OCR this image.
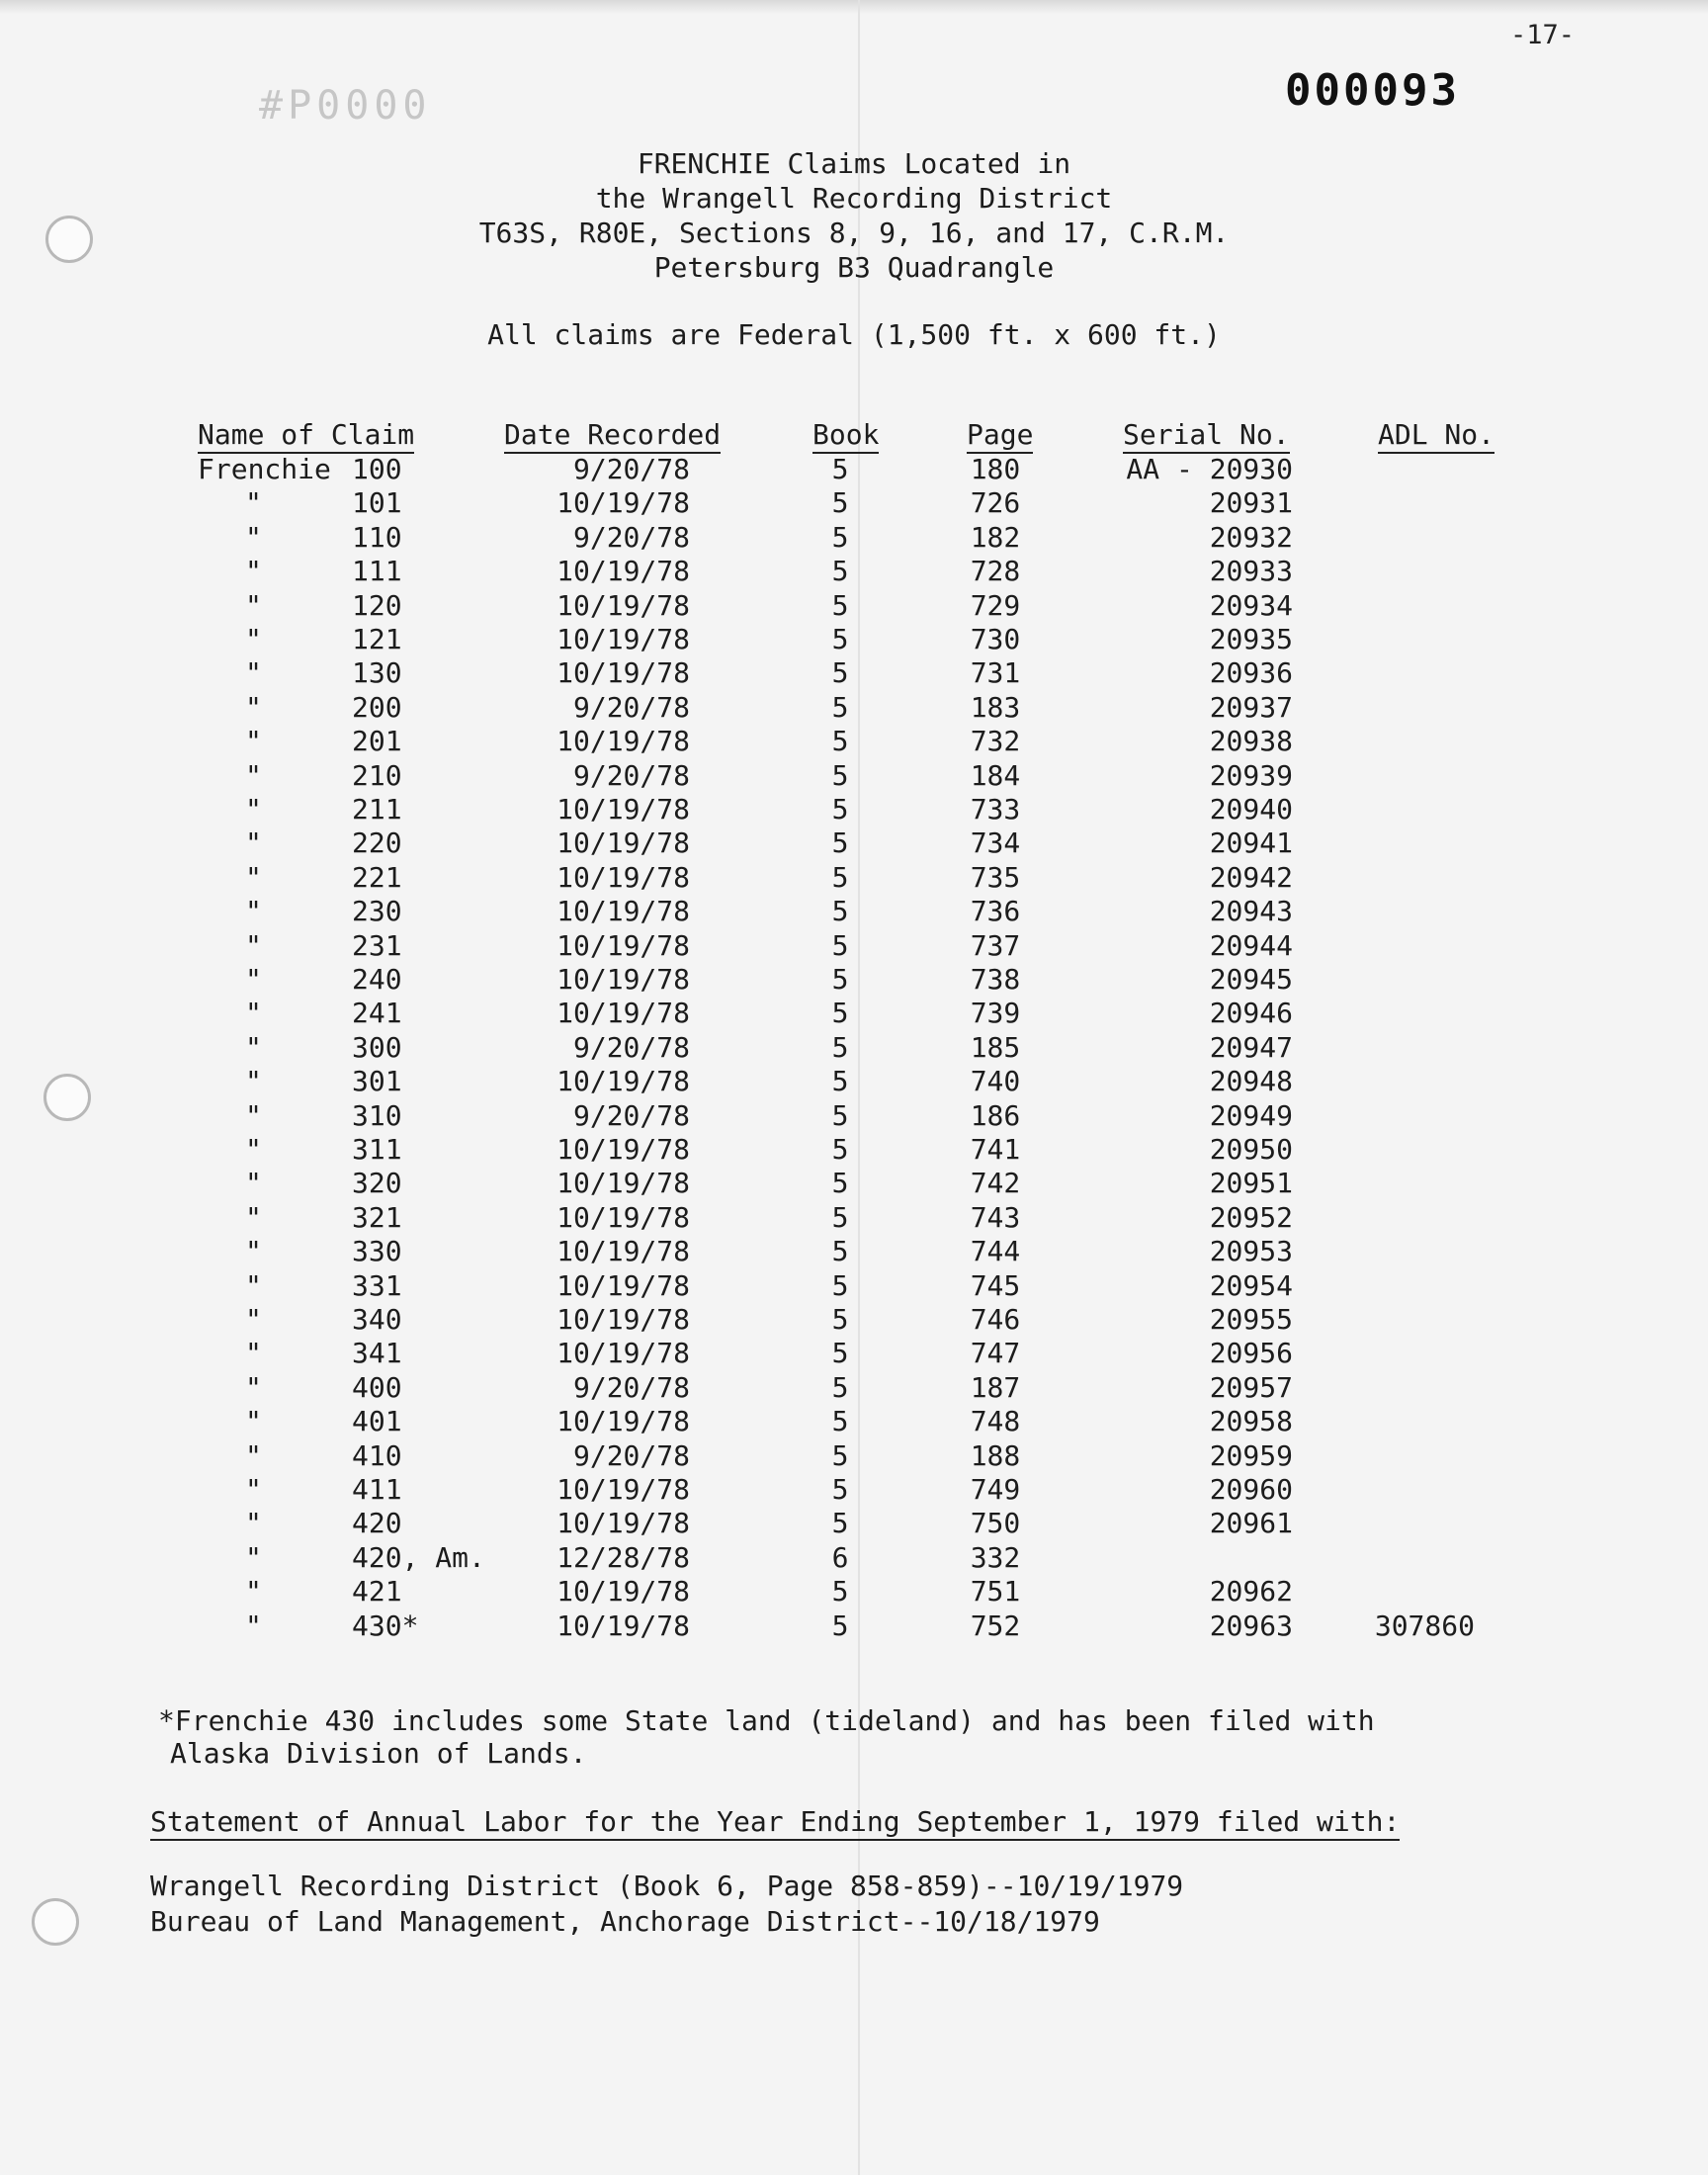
-17-
000093
#P0000
FRENCHIE Claims Located in
the Wrangell Recording District
T63S, R80E, Sections 8, 9, 16, and 17, C.R.M.
Petersburg B3 Quadrangle
All claims are Federal (1,500 ft. x 600 ft.)
Name of Claim	Date Recorded	Book	Page	Serial No.	ADL No.
Frenchie 100	9/20/78	5	180	AA - 20930
"	101	10/19/78	5	726	20931
"	110	9/20/78	5	182	20932
"	111	10/19/78	5	728	20933
"	120	10/19/78	5	729	20934
"	121	10/19/78	5	730	20935
"	130	10/19/78	5	731	20936
"	200	9/20/78	5	183	20937
"	201	10/19/78	5	732	20938
"	210	9/20/78	5	184	20939
"	211	10/19/78	5	733	20940
"	220	10/19/78	5	734	20941
"	221	10/19/78	5	735	20942
"	230	10/19/78	5	736	20943
"	231	10/19/78	5	737	20944
"	240	10/19/78	5	738	20945
"	241	10/19/78	5	739	20946
"	300	9/20/78	5	185	20947
"	301	10/19/78	5	740	20948
"	310	9/20/78	5	186	20949
"	311	10/19/78	5	741	20950
"	320	10/19/78	5	742	20951
"	321	10/19/78	5	743	20952
"	330	10/19/78	5	744	20953
"	331	10/19/78	5	745	20954
"	340	10/19/78	5	746	20955
"	341	10/19/78	5	747	20956
"	400	9/20/78	5	187	20957
"	401	10/19/78	5	748	20958
"	410	9/20/78	5	188	20959
"	411	10/19/78	5	749	20960
"	420	10/19/78	5	750	20961
"	420, Am.	12/28/78	6	332
"	421	10/19/78	5	751	20962
"	430*	10/19/78	5	752	20963	307860
*Frenchie 430 includes some State land (tideland) and has been filed with
Alaska Division of Lands.
Statement of Annual Labor for the Year Ending September 1, 1979 filed with:
Wrangell Recording District (Book 6, Page 858-859)--10/19/1979
Bureau of Land Management, Anchorage District--10/18/1979
